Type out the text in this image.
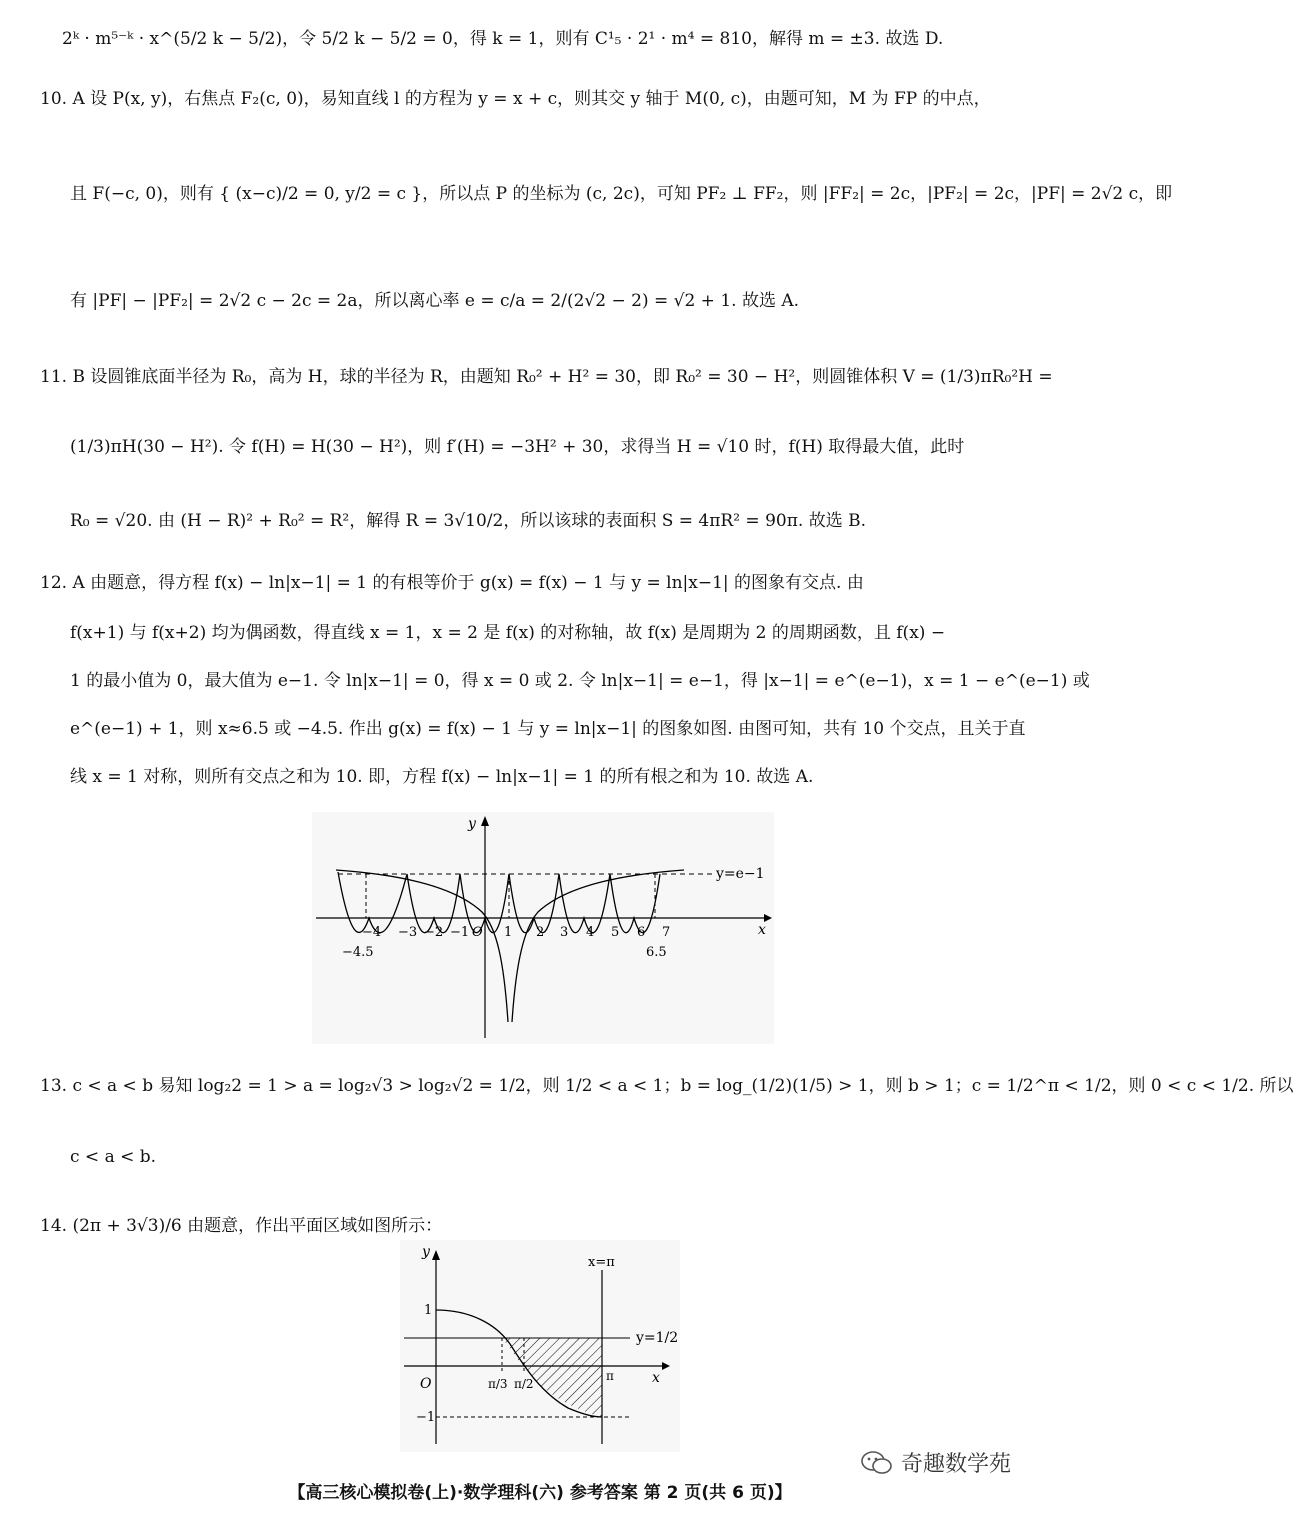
2ᵏ · m⁵⁻ᵏ · x^(5/2 k − 5/2)，令 5/2 k − 5/2 = 0，得 k = 1，则有 C¹₅ · 2¹ · m⁴ = 810，解得 m = ±3. 故选 D.
10. A 设 P(x, y)，右焦点 F₂(c, 0)，易知直线 l 的方程为 y = x + c，则其交 y 轴于 M(0, c)，由题可知，M 为 FP 的中点，
且 F(−c, 0)，则有 { (x−c)/2 = 0, y/2 = c }，所以点 P 的坐标为 (c, 2c)，可知 PF₂ ⊥ FF₂，则 |FF₂| = 2c，|PF₂| = 2c，|PF| = 2√2 c，即
有 |PF| − |PF₂| = 2√2 c − 2c = 2a，所以离心率 e = c/a = 2/(2√2 − 2) = √2 + 1. 故选 A.
11. B 设圆锥底面半径为 R₀，高为 H，球的半径为 R，由题知 R₀² + H² = 30，即 R₀² = 30 − H²，则圆锥体积 V = (1/3)πR₀²H =
(1/3)πH(30 − H²). 令 f(H) = H(30 − H²)，则 f′(H) = −3H² + 30，求得当 H = √10 时，f(H) 取得最大值，此时
R₀ = √20. 由 (H − R)² + R₀² = R²，解得 R = 3√10/2，所以该球的表面积 S = 4πR² = 90π. 故选 B.
12. A 由题意，得方程 f(x) − ln|x−1| = 1 的有根等价于 g(x) = f(x) − 1 与 y = ln|x−1| 的图象有交点. 由
f(x+1) 与 f(x+2) 均为偶函数，得直线 x = 1，x = 2 是 f(x) 的对称轴，故 f(x) 是周期为 2 的周期函数，且 f(x) −
1 的最小值为 0，最大值为 e−1. 令 ln|x−1| = 0，得 x = 0 或 2. 令 ln|x−1| = e−1，得 |x−1| = e^(e−1)，x = 1 − e^(e−1) 或
e^(e−1) + 1，则 x≈6.5 或 −4.5. 作出 g(x) = f(x) − 1 与 y = ln|x−1| 的图象如图. 由图可知，共有 10 个交点，且关于直
线 x = 1 对称，则所有交点之和为 10. 即，方程 f(x) − ln|x−1| = 1 的所有根之和为 10. 故选 A.
13. c < a < b 易知 log₂2 = 1 > a = log₂√3 > log₂√2 = 1/2，则 1/2 < a < 1；b = log_(1/2)(1/5) > 1，则 b > 1；c = 1/2^π < 1/2，则 0 < c < 1/2. 所以
c < a < b.
14. (2π + 3√3)/6 由题意，作出平面区域如图所示：
x
y
y=e−1
−4 −3 −2 −1 O 1 2 3 4 5 6 7
−4.5	6.5
x
y
O
y=1/2
x=π
1
−1
π/3 π/2
π
奇趣数学苑
【高三核心模拟卷(上)·数学理科(六) 参考答案 第 2 页(共 6 页)】
